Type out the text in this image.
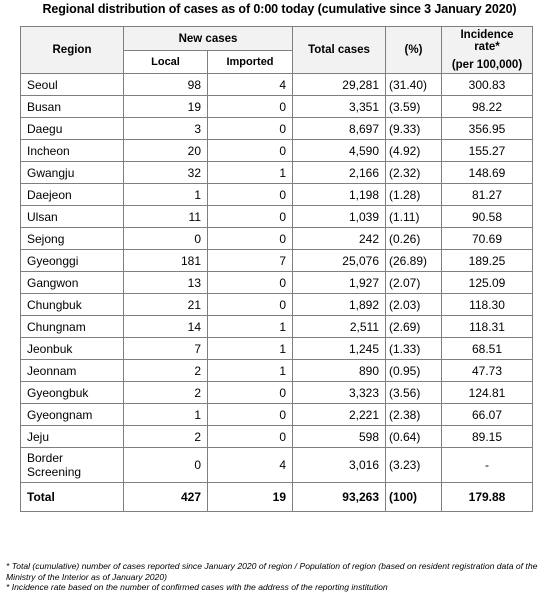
Regional distribution of cases as of 0:00 today (cumulative since 3 January 2020)
Region	New cases		Total cases	(%)	Incidence rate*
(per 100,000)

	Local	Imported			
Seoul	98	4	29,281	(31.40)	300.83
Busan	19	0	3,351	(3.59)	98.22
Daegu	3	0	8,697	(9.33)	356.95
Incheon	20	0	4,590	(4.92)	155.27
Gwangju	32	1	2,166	(2.32)	148.69
Daejeon	1	0	1,198	(1.28)	81.27
Ulsan	11	0	1,039	(1.11)	90.58
Sejong	0	0	242	(0.26)	70.69
Gyeonggi	181	7	25,076	(26.89)	189.25
Gangwon	13	0	1,927	(2.07)	125.09
Chungbuk	21	0	1,892	(2.03)	118.30
Chungnam	14	1	2,511	(2.69)	118.31
Jeonbuk	7	1	1,245	(1.33)	68.51
Jeonnam	2	1	890	(0.95)	47.73
Gyeongbuk	2	0	3,323	(3.56)	124.81
Gyeongnam	1	0	2,221	(2.38)	66.07
Jeju	2	0	598	(0.64)	89.15

Border
Screening	0	4	3,016	(3.23)	-
Total	427	19	93,263	(100)	179.88

* Total (cumulative) number of cases reported since January 2020 of region / Population of region (based on resident registration data of the Ministry of the Interior as of January 2020)

* Incidence rate based on the number of confirmed cases with the address of the reporting institution
